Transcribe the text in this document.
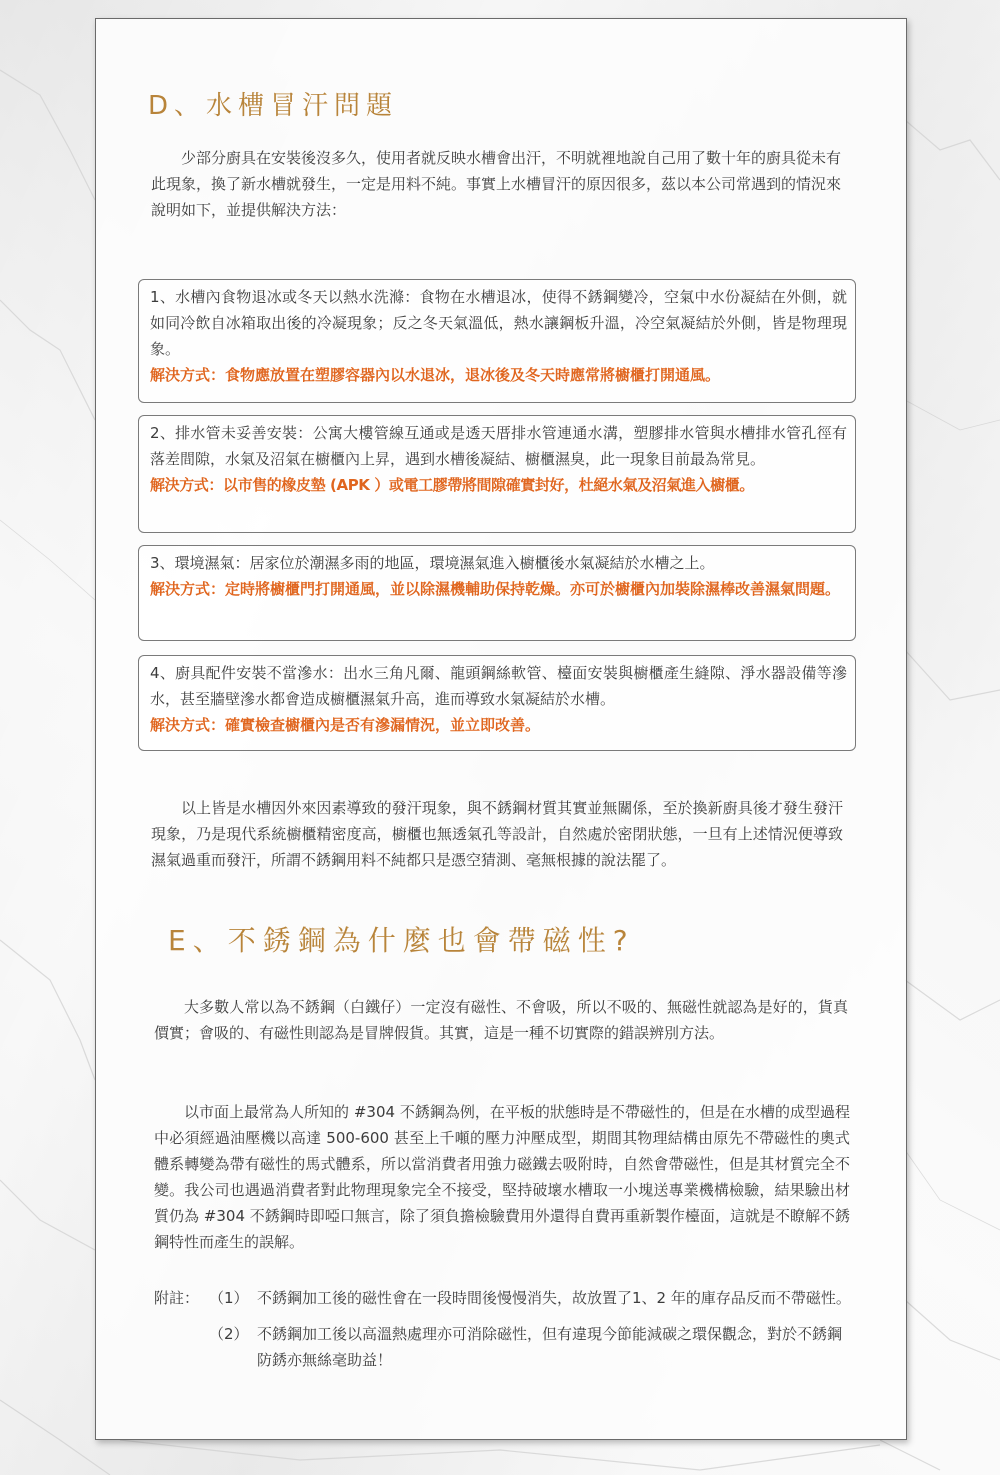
D、水槽冒汗問題

少部分廚具在安裝後沒多久，使用者就反映水槽會出汗，不明就裡地說自己用了數十年的廚具從未有此現象，換了新水槽就發生，一定是用料不純。事實上水槽冒汗的原因很多，茲以本公司常遇到的情況來說明如下，並提供解決方法：

1、水槽內食物退冰或冬天以熱水洗滌：食物在水槽退冰，使得不銹鋼變冷，空氣中水份凝結在外側，就如同冷飲自冰箱取出後的冷凝現象；反之冬天氣溫低，熱水讓鋼板升溫，冷空氣凝結於外側，皆是物理現象。

解決方式：食物應放置在塑膠容器內以水退冰，退冰後及冬天時應常將櫥櫃打開通風。

2、排水管未妥善安裝：公寓大樓管線互通或是透天厝排水管連通水溝，塑膠排水管與水槽排水管孔徑有落差間隙，水氣及沼氣在櫥櫃內上昇，遇到水槽後凝結、櫥櫃濕臭，此一現象目前最為常見。

解決方式：以市售的橡皮墊 (APK ）或電工膠帶將間隙確實封好，杜絕水氣及沼氣進入櫥櫃。

3、環境濕氣：居家位於潮濕多雨的地區，環境濕氣進入櫥櫃後水氣凝結於水槽之上。

解決方式：定時將櫥櫃門打開通風，並以除濕機輔助保持乾燥。亦可於櫥櫃內加裝除濕棒改善濕氣問題。

4、廚具配件安裝不當滲水：出水三角凡爾、龍頭鋼絲軟管、檯面安裝與櫥櫃產生縫隙、淨水器設備等滲水，甚至牆壁滲水都會造成櫥櫃濕氣升高，進而導致水氣凝結於水槽。

解決方式：確實檢查櫥櫃內是否有滲漏情況，並立即改善。

以上皆是水槽因外來因素導致的發汗現象，與不銹鋼材質其實並無關係，至於換新廚具後才發生發汗現象，乃是現代系統櫥櫃精密度高，櫥櫃也無透氣孔等設計，自然處於密閉狀態，一旦有上述情況便導致濕氣過重而發汗，所謂不銹鋼用料不純都只是憑空猜測、毫無根據的說法罷了。

E、不銹鋼為什麼也會帶磁性?

大多數人常以為不銹鋼（白鐵仔）一定沒有磁性、不會吸，所以不吸的、無磁性就認為是好的，貨真價實；會吸的、有磁性則認為是冒牌假貨。其實，這是一種不切實際的錯誤辨別方法。

以市面上最常為人所知的 #304 不銹鋼為例，在平板的狀態時是不帶磁性的，但是在水槽的成型過程中必須經過油壓機以高達 500-600 甚至上千噸的壓力沖壓成型，期間其物理結構由原先不帶磁性的奧式體系轉變為帶有磁性的馬式體系，所以當消費者用強力磁鐵去吸附時，自然會帶磁性，但是其材質完全不變。我公司也遇過消費者對此物理現象完全不接受，堅持破壞水槽取一小塊送專業機構檢驗，結果驗出材質仍為 #304 不銹鋼時即啞口無言，除了須負擔檢驗費用外還得自費再重新製作檯面，這就是不瞭解不銹鋼特性而產生的誤解。

附註： （1） 不銹鋼加工後的磁性會在一段時間後慢慢消失，故放置了1、2 年的庫存品反而不帶磁性。
（2） 不銹鋼加工後以高溫熱處理亦可消除磁性，但有違現今節能減碳之環保觀念，對於不銹鋼防銹亦無絲毫助益！
